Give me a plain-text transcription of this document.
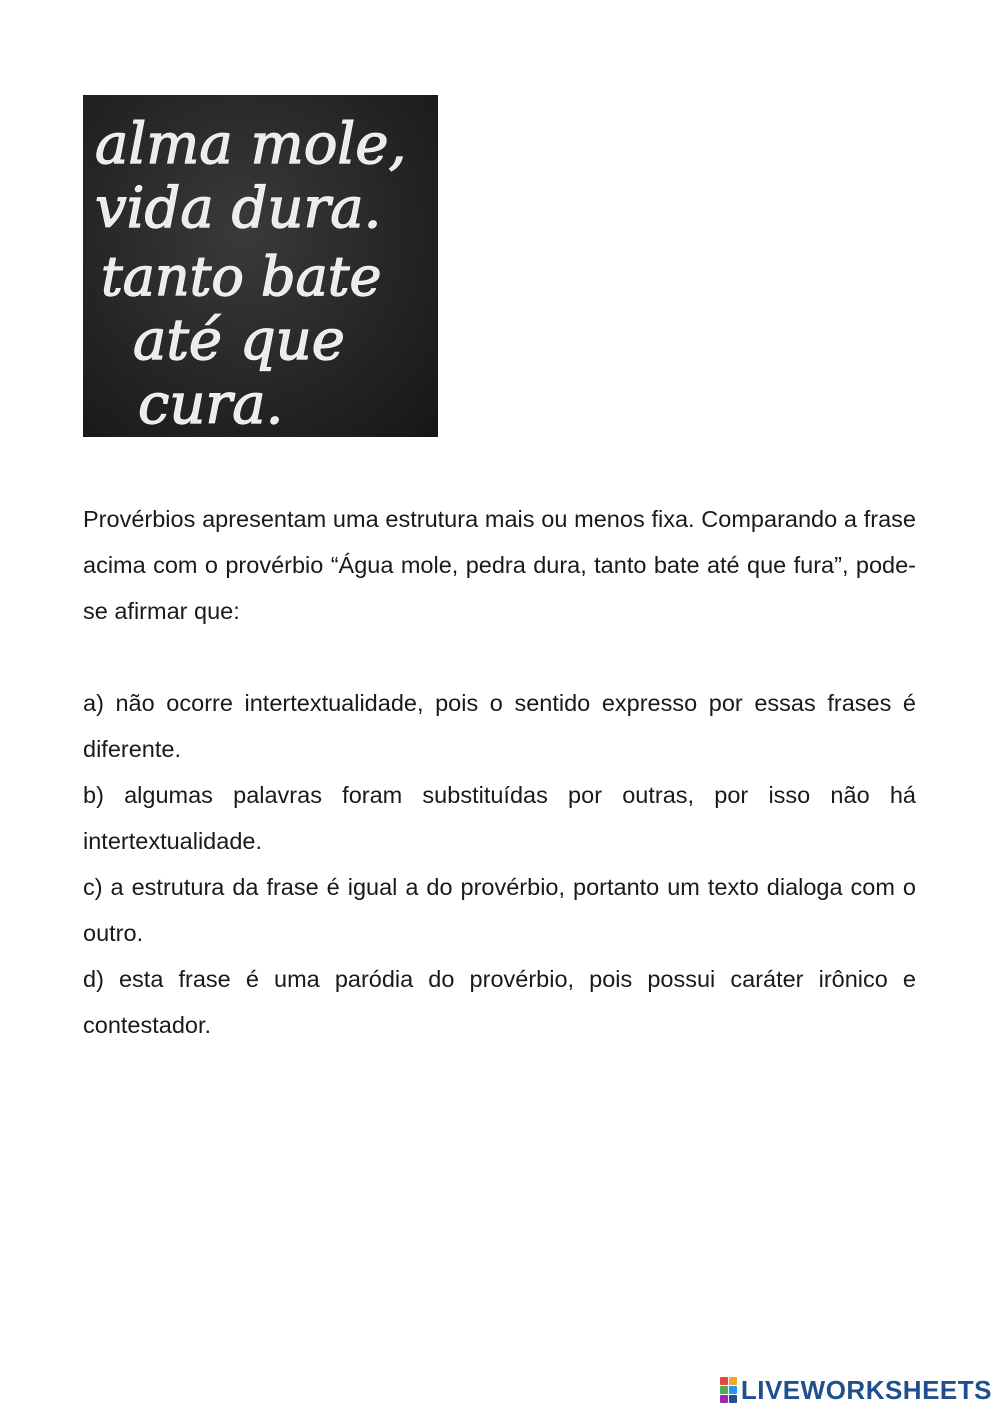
alma mole,
vida dura.
tanto bate
até que
cura.

Provérbios apresentam uma estrutura mais ou menos fixa. Comparando a frase acima com o provérbio “Água mole, pedra dura, tanto bate até que fura”, pode-se afirmar que:

a) não ocorre intertextualidade, pois o sentido expresso por essas frases é diferente.

b) algumas palavras foram substituídas por outras, por isso não há intertextualidade.

c) a estrutura da frase é igual a do provérbio, portanto um texto dialoga com o outro.

d) esta frase é uma paródia do provérbio, pois possui caráter irônico e contestador.

LIVEWORKSHEETS
